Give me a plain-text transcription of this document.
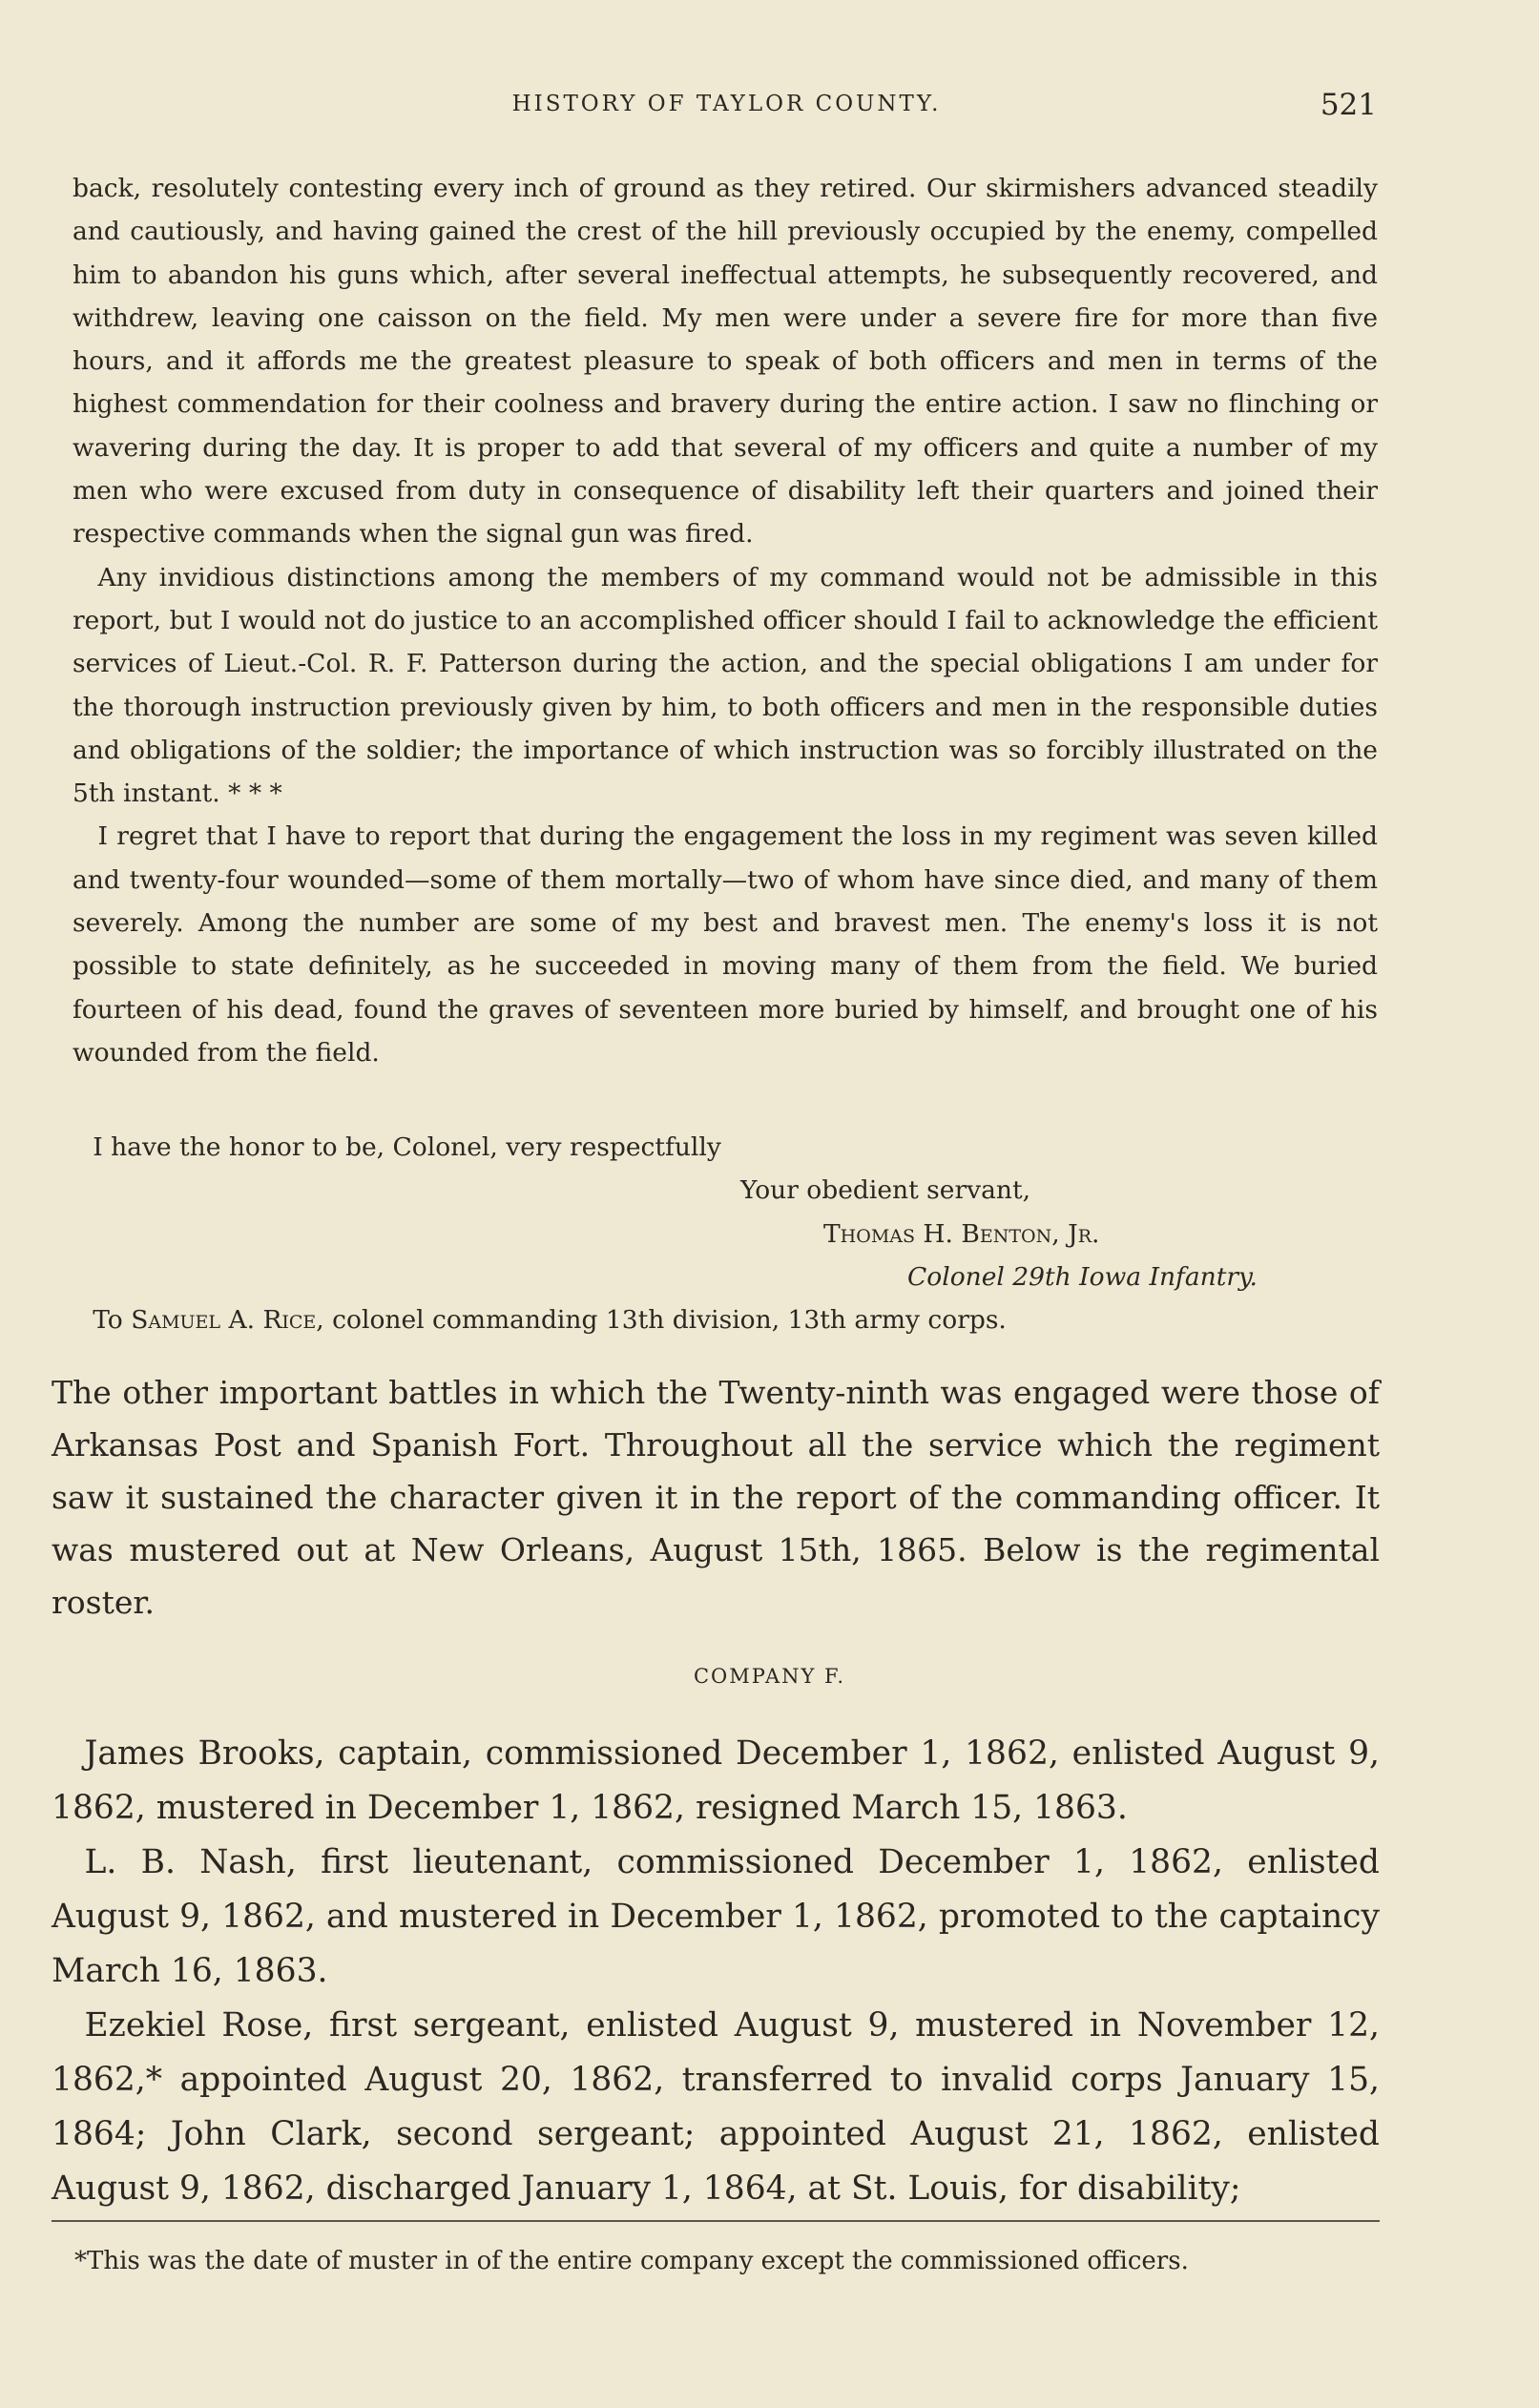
HISTORY OF TAYLOR COUNTY.	521

back, resolutely contesting every inch of ground as they retired. Our skirmishers advanced steadily and cautiously, and having gained the crest of the hill previously occupied by the enemy, compelled him to abandon his guns which, after several ineffectual attempts, he subsequently recovered, and withdrew, leaving one caisson on the field. My men were under a severe fire for more than five hours, and it affords me the greatest pleasure to speak of both officers and men in terms of the highest commendation for their coolness and bravery during the entire action. I saw no flinching or wavering during the day. It is proper to add that several of my officers and quite a number of my men who were excused from duty in consequence of disability left their quarters and joined their respective commands when the signal gun was fired.

Any invidious distinctions among the members of my command would not be admissible in this report, but I would not do justice to an accomplished officer should I fail to acknowledge the efficient services of Lieut.-Col. R. F. Patterson during the action, and the special obligations I am under for the thorough instruction previously given by him, to both officers and men in the responsible duties and obligations of the soldier; the importance of which instruction was so forcibly illustrated on the 5th instant. * * *

I regret that I have to report that during the engagement the loss in my regiment was seven killed and twenty-four wounded—some of them mortally—two of whom have since died, and many of them severely. Among the number are some of my best and bravest men. The enemy's loss it is not possible to state definitely, as he succeeded in moving many of them from the field. We buried fourteen of his dead, found the graves of seventeen more buried by himself, and brought one of his wounded from the field.

I have the honor to be, Colonel, very respectfully
Your obedient servant,
Thomas H. Benton, Jr.
Colonel 29th Iowa Infantry.
To Samuel A. Rice, colonel commanding 13th division, 13th army corps.

The other important battles in which the Twenty-ninth was engaged were those of Arkansas Post and Spanish Fort. Throughout all the service which the regiment saw it sustained the character given it in the report of the commanding officer. It was mustered out at New Orleans, August 15th, 1865. Below is the regimental roster.

COMPANY F.

James Brooks, captain, commissioned December 1, 1862, enlisted August 9, 1862, mustered in December 1, 1862, resigned March 15, 1863.

L. B. Nash, first lieutenant, commissioned December 1, 1862, enlisted August 9, 1862, and mustered in December 1, 1862, promoted to the captaincy March 16, 1863.

Ezekiel Rose, first sergeant, enlisted August 9, mustered in November 12, 1862,* appointed August 20, 1862, transferred to invalid corps January 15, 1864; John Clark, second sergeant; appointed August 21, 1862, enlisted August 9, 1862, discharged January 1, 1864, at St. Louis, for disability;

*This was the date of muster in of the entire company except the commissioned officers.
